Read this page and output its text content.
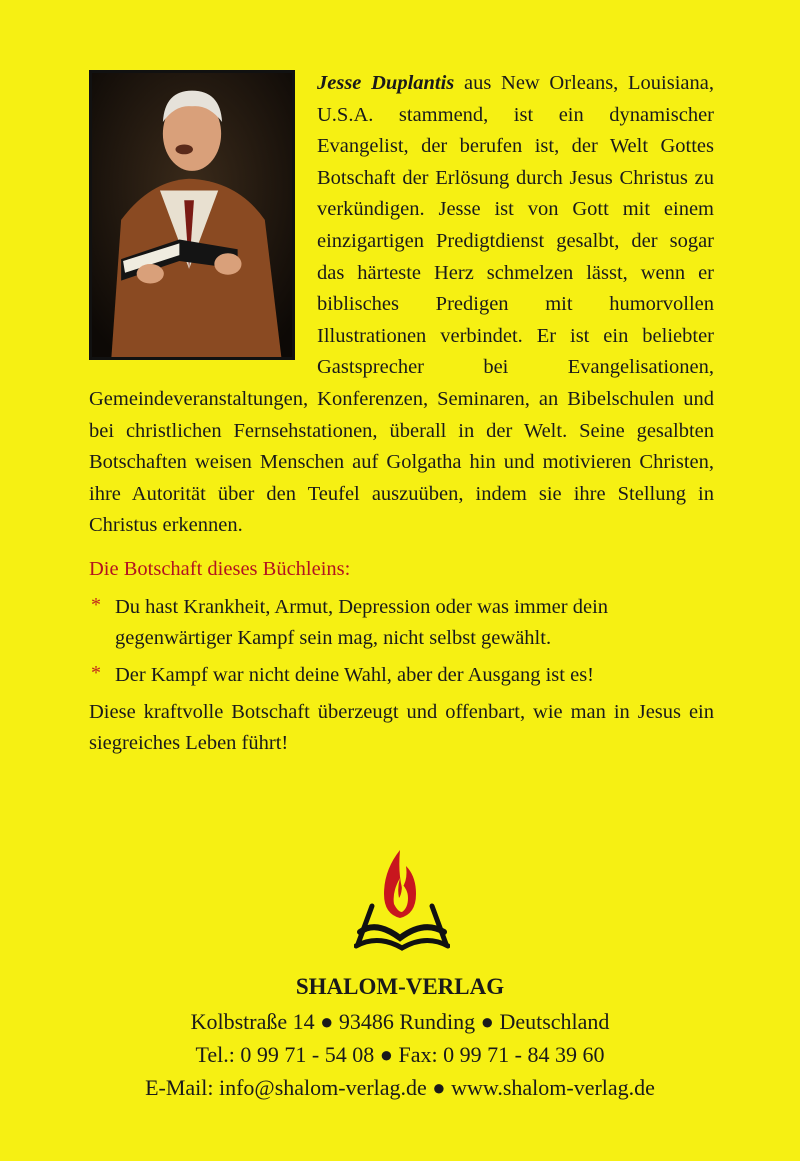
Jesse Duplantis aus New Orleans, Louisiana, U.S.A. stammend, ist ein dynamischer Evangelist, der berufen ist, der Welt Gottes Botschaft der Erlösung durch Jesus Christus zu verkündigen. Jesse ist von Gott mit einem einzigartigen Predigtdienst gesalbt, der sogar das härteste Herz schmelzen lässt, wenn er biblisches Predigen mit humorvollen Illustrationen verbindet. Er ist ein beliebter Gastsprecher bei Evangelisationen, Gemeindeveranstaltungen, Konferenzen, Seminaren, an Bibelschulen und bei christlichen Fernsehstationen, überall in der Welt. Seine gesalbten Botschaften weisen Menschen auf Golgatha hin und motivieren Christen, ihre Autorität über den Teufel auszuüben, indem sie ihre Stellung in Christus erkennen.

Die Botschaft dieses Büchleins:
* Du hast Krankheit, Armut, Depression oder was immer dein gegenwärtiger Kampf sein mag, nicht selbst gewählt.
* Der Kampf war nicht deine Wahl, aber der Ausgang ist es!

Diese kraftvolle Botschaft überzeugt und offenbart, wie man in Jesus ein siegreiches Leben führt!

SHALOM-VERLAG
Kolbstraße 14 ● 93486 Runding ● Deutschland
Tel.: 0 99 71 - 54 08 ● Fax: 0 99 71 - 84 39 60
E-Mail: info@shalom-verlag.de ● www.shalom-verlag.de
